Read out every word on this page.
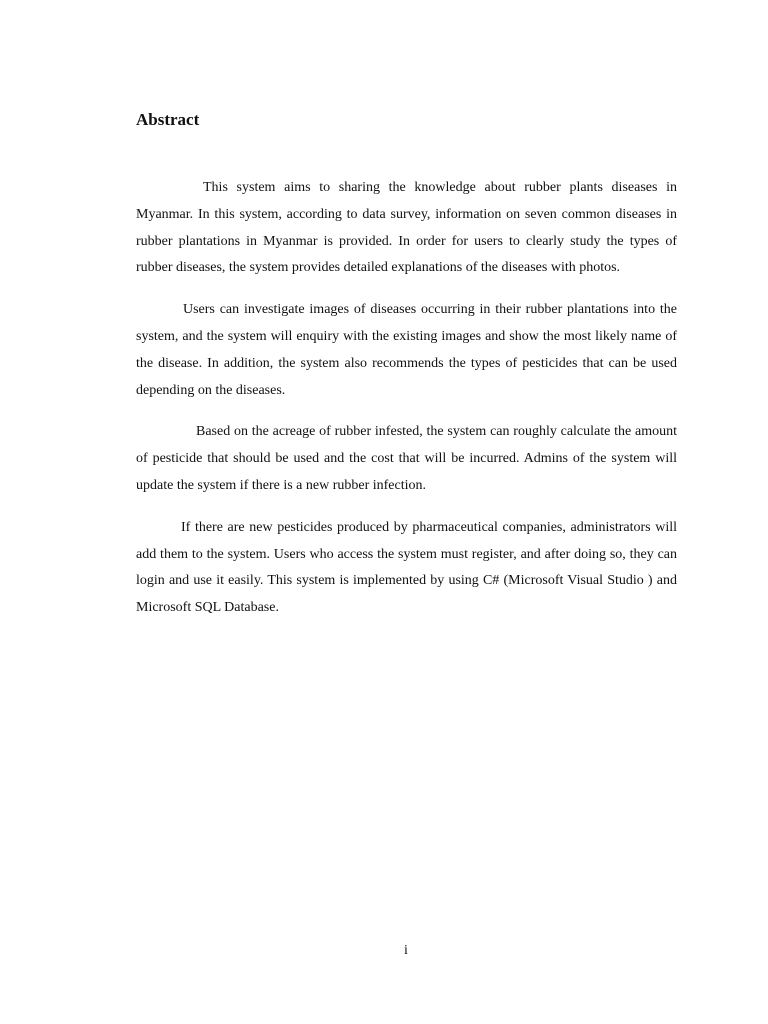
Abstract

This system aims to sharing the knowledge about rubber plants diseases in Myanmar. In this system, according to data survey, information on seven common diseases in rubber plantations in Myanmar is provided. In order for users to clearly study the types of rubber diseases, the system provides detailed explanations of the diseases with photos.

Users can investigate images of diseases occurring in their rubber plantations into the system, and the system will enquiry with the existing images and show the most likely name of the disease. In addition, the system also recommends the types of pesticides that can be used depending on the diseases.

Based on the acreage of rubber infested, the system can roughly calculate the amount of pesticide that should be used and the cost that will be incurred. Admins of the system will update the system if there is a new rubber infection.

If there are new pesticides produced by pharmaceutical companies, administrators will add them to the system. Users who access the system must register, and after doing so, they can login and use it easily. This system is implemented by using C# (Microsoft Visual Studio ) and Microsoft SQL Database.

i
